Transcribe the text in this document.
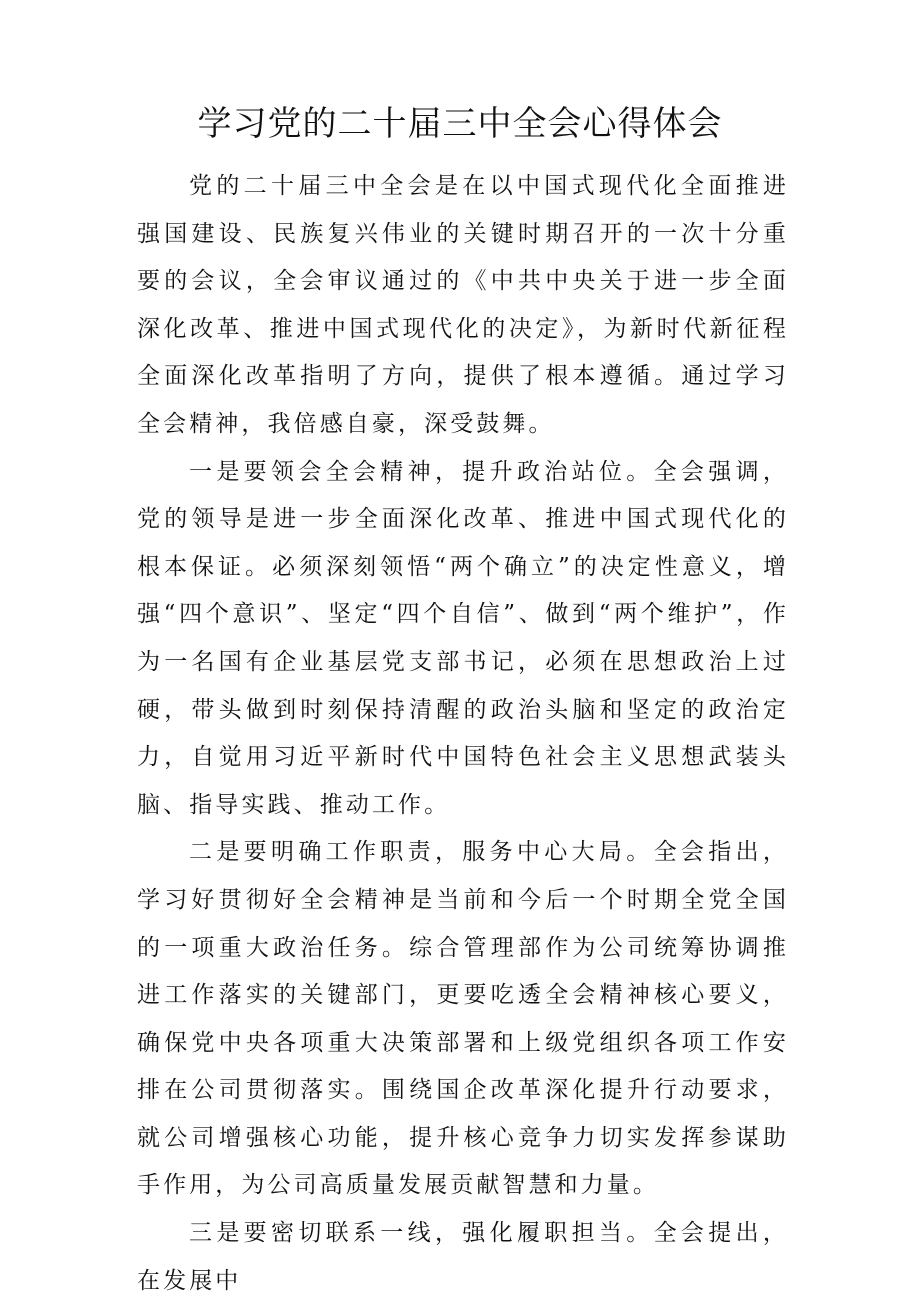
学习党的二十届三中全会心得体会

党的二十届三中全会是在以中国式现代化全面推进强国建设、民族复兴伟业的关键时期召开的一次十分重要的会议，全会审议通过的《中共中央关于进一步全面深化改革、推进中国式现代化的决定》，为新时代新征程全面深化改革指明了方向，提供了根本遵循。通过学习全会精神，我倍感自豪，深受鼓舞。

一是要领会全会精神，提升政治站位。全会强调，党的领导是进一步全面深化改革、推进中国式现代化的根本保证。必须深刻领悟“两个确立”的决定性意义，增强“四个意识”、坚定“四个自信”、做到“两个维护”，作为一名国有企业基层党支部书记，必须在思想政治上过硬，带头做到时刻保持清醒的政治头脑和坚定的政治定力，自觉用习近平新时代中国特色社会主义思想武装头脑、指导实践、推动工作。

二是要明确工作职责，服务中心大局。全会指出，学习好贯彻好全会精神是当前和今后一个时期全党全国的一项重大政治任务。综合管理部作为公司统筹协调推进工作落实的关键部门，更要吃透全会精神核心要义，确保党中央各项重大决策部署和上级党组织各项工作安排在公司贯彻落实。围绕国企改革深化提升行动要求，就公司增强核心功能，提升核心竞争力切实发挥参谋助手作用，为公司高质量发展贡献智慧和力量。

三是要密切联系一线，强化履职担当。全会提出，在发展中
